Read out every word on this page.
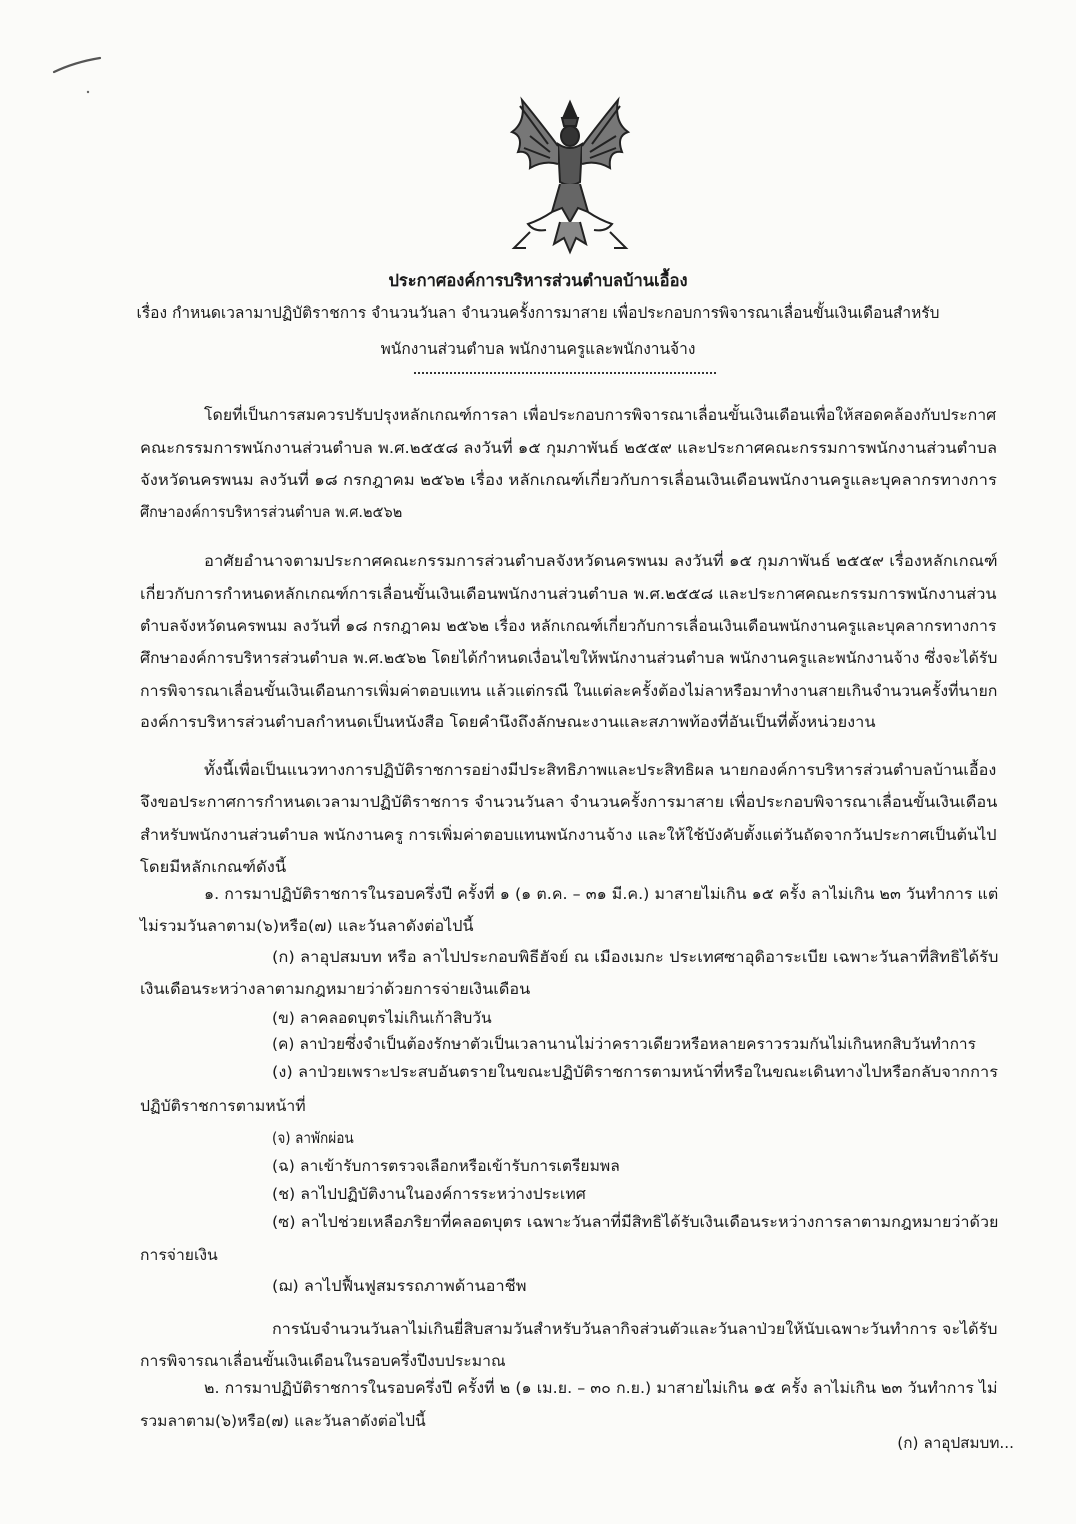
ประกาศองค์การบริหารส่วนตำบลบ้านเอื้อง
เรื่อง กำหนดเวลามาปฏิบัติราชการ จำนวนวันลา จำนวนครั้งการมาสาย เพื่อประกอบการพิจารณาเลื่อนขั้นเงินเดือนสำหรับ
พนักงานส่วนตำบล พนักงานครูและพนักงานจ้าง
โดยที่เป็นการสมควรปรับปรุงหลักเกณฑ์การลา เพื่อประกอบการพิจารณาเลื่อนขั้นเงินเดือนเพื่อให้สอดคล้องกับประกาศ
คณะกรรมการพนักงานส่วนตำบล พ.ศ.๒๕๕๘ ลงวันที่ ๑๕ กุมภาพันธ์ ๒๕๕๙ และประกาศคณะกรรมการพนักงานส่วนตำบล
จังหวัดนครพนม ลงวันที่ ๑๘ กรกฎาคม ๒๕๖๒ เรื่อง หลักเกณฑ์เกี่ยวกับการเลื่อนเงินเดือนพนักงานครูและบุคลากรทางการ
ศึกษาองค์การบริหารส่วนตำบล พ.ศ.๒๕๖๒
อาศัยอำนาจตามประกาศคณะกรรมการส่วนตำบลจังหวัดนครพนม ลงวันที่ ๑๕ กุมภาพันธ์ ๒๕๕๙ เรื่องหลักเกณฑ์
เกี่ยวกับการกำหนดหลักเกณฑ์การเลื่อนขั้นเงินเดือนพนักงานส่วนตำบล พ.ศ.๒๕๕๘ และประกาศคณะกรรมการพนักงานส่วน
ตำบลจังหวัดนครพนม ลงวันที่ ๑๘ กรกฎาคม ๒๕๖๒ เรื่อง หลักเกณฑ์เกี่ยวกับการเลื่อนเงินเดือนพนักงานครูและบุคลากรทางการ
ศึกษาองค์การบริหารส่วนตำบล พ.ศ.๒๕๖๒ โดยได้กำหนดเงื่อนไขให้พนักงานส่วนตำบล พนักงานครูและพนักงานจ้าง ซึ่งจะได้รับ
การพิจารณาเลื่อนขั้นเงินเดือนการเพิ่มค่าตอบแทน แล้วแต่กรณี ในแต่ละครั้งต้องไม่ลาหรือมาทำงานสายเกินจำนวนครั้งที่นายก
องค์การบริหารส่วนตำบลกำหนดเป็นหนังสือ โดยคำนึงถึงลักษณะงานและสภาพท้องที่อันเป็นที่ตั้งหน่วยงาน
ทั้งนี้เพื่อเป็นแนวทางการปฏิบัติราชการอย่างมีประสิทธิภาพและประสิทธิผล นายกองค์การบริหารส่วนตำบลบ้านเอื้อง
จึงขอประกาศการกำหนดเวลามาปฏิบัติราชการ จำนวนวันลา จำนวนครั้งการมาสาย เพื่อประกอบพิจารณาเลื่อนขั้นเงินเดือน
สำหรับพนักงานส่วนตำบล พนักงานครู การเพิ่มค่าตอบแทนพนักงานจ้าง และให้ใช้บังคับตั้งแต่วันถัดจากวันประกาศเป็นต้นไป
โดยมีหลักเกณฑ์ดังนี้
๑. การมาปฏิบัติราชการในรอบครึ่งปี ครั้งที่ ๑ (๑ ต.ค. – ๓๑ มี.ค.) มาสายไม่เกิน ๑๕ ครั้ง ลาไม่เกิน ๒๓ วันทำการ แต่
ไม่รวมวันลาตาม(๖)หรือ(๗) และวันลาดังต่อไปนี้
(ก) ลาอุปสมบท หรือ ลาไปประกอบพิธีฮัจย์ ณ เมืองเมกะ ประเทศซาอุดิอาระเบีย เฉพาะวันลาที่สิทธิได้รับ
เงินเดือนระหว่างลาตามกฎหมายว่าด้วยการจ่ายเงินเดือน
(ข) ลาคลอดบุตรไม่เกินเก้าสิบวัน
(ค) ลาป่วยซึ่งจำเป็นต้องรักษาตัวเป็นเวลานานไม่ว่าคราวเดียวหรือหลายคราวรวมกันไม่เกินหกสิบวันทำการ
(ง) ลาป่วยเพราะประสบอันตรายในขณะปฏิบัติราชการตามหน้าที่หรือในขณะเดินทางไปหรือกลับจากการ
ปฏิบัติราชการตามหน้าที่
(จ) ลาพักผ่อน
(ฉ) ลาเข้ารับการตรวจเลือกหรือเข้ารับการเตรียมพล
(ช) ลาไปปฏิบัติงานในองค์การระหว่างประเทศ
(ซ) ลาไปช่วยเหลือภริยาที่คลอดบุตร เฉพาะวันลาที่มีสิทธิได้รับเงินเดือนระหว่างการลาตามกฎหมายว่าด้วย
การจ่ายเงิน
(ฌ) ลาไปฟื้นฟูสมรรถภาพด้านอาชีพ
การนับจำนวนวันลาไม่เกินยี่สิบสามวันสำหรับวันลากิจส่วนตัวและวันลาป่วยให้นับเฉพาะวันทำการ จะได้รับ
การพิจารณาเลื่อนขั้นเงินเดือนในรอบครึ่งปีงบประมาณ
๒. การมาปฏิบัติราชการในรอบครึ่งปี ครั้งที่ ๒ (๑ เม.ย. – ๓๐ ก.ย.) มาสายไม่เกิน ๑๕ ครั้ง ลาไม่เกิน ๒๓ วันทำการ ไม่
รวมลาตาม(๖)หรือ(๗) และวันลาดังต่อไปนี้
(ก) ลาอุปสมบท...
